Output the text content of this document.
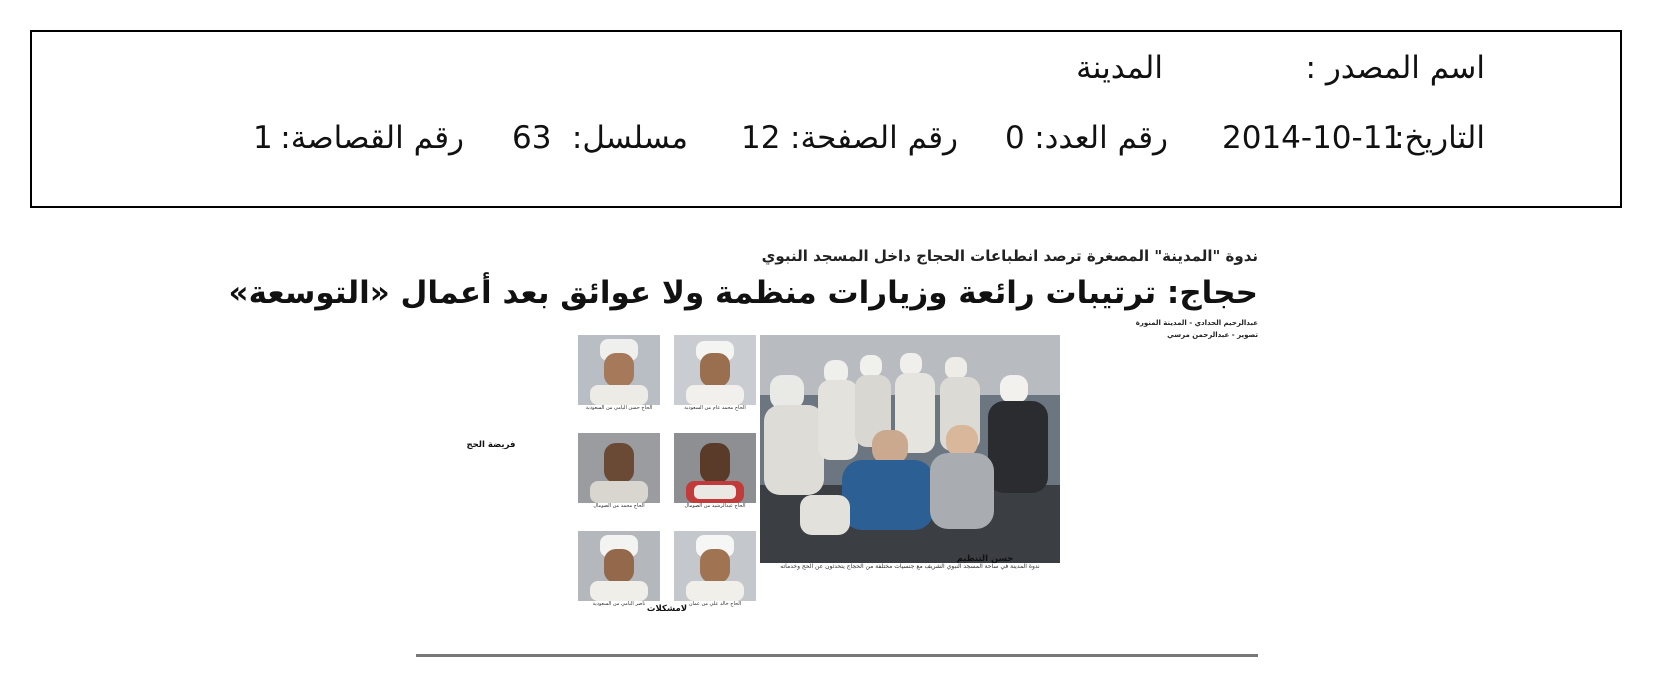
اسم المصدر :
المدينة
التاريخ:
2014-10-11
رقم العدد:
0
رقم الصفحة:
12
مسلسل:
63
رقم القصاصة:
1
ندوة "المدينة" المصغرة ترصد انطباعات الحجاج داخل المسجد النبوي
حجاج: ترتيبات رائعة وزيارات منظمة ولا عوائق بعد أعمال «التوسعة»
عبدالرحيم الحدادي - المدينة المنورة
تصوير - عبدالرحمن مرسي
ندوة المدينة في ساحة المسجد النبوي الشريف مع جنسيات مختلفة من الحجاج يتحدثون عن الحج وخدماته
الحاج محمد عام من السعودية
الحاج حسن اليامي من السعودية
الحاج عبدالرشيد من الصومال
الحاج محمد من الصومال
الحاج خالد علي من عمان
ناصر اليامي من السعودية
فريضة الحج
حسن التنظيم
لامشكلات
